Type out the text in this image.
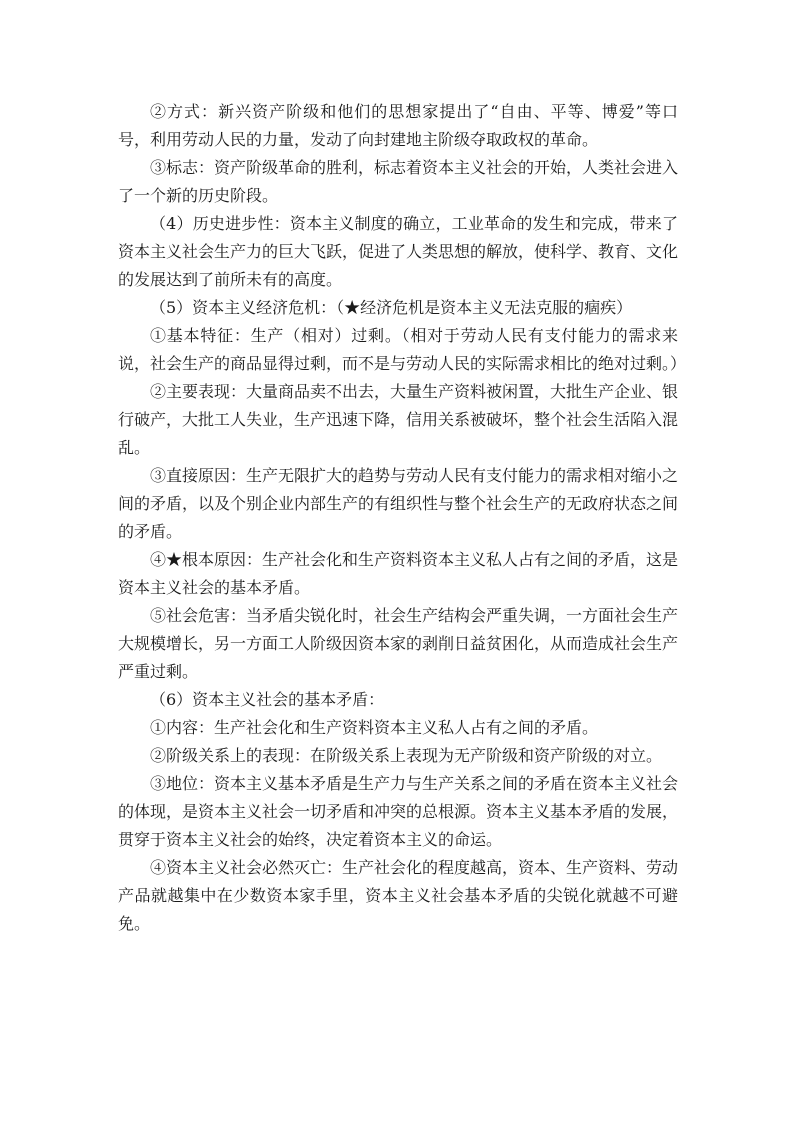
②方式：新兴资产阶级和他们的思想家提出了“自由、平等、博爱”等口号，利用劳动人民的力量，发动了向封建地主阶级夺取政权的革命。

③标志：资产阶级革命的胜利，标志着资本主义社会的开始，人类社会进入了一个新的历史阶段。

（4）历史进步性：资本主义制度的确立，工业革命的发生和完成，带来了资本主义社会生产力的巨大飞跃，促进了人类思想的解放，使科学、教育、文化的发展达到了前所未有的高度。

（5）资本主义经济危机：（★经济危机是资本主义无法克服的痼疾）

①基本特征：生产（相对）过剩。（相对于劳动人民有支付能力的需求来说，社会生产的商品显得过剩，而不是与劳动人民的实际需求相比的绝对过剩。）

②主要表现：大量商品卖不出去，大量生产资料被闲置，大批生产企业、银行破产，大批工人失业，生产迅速下降，信用关系被破坏，整个社会生活陷入混乱。

③直接原因：生产无限扩大的趋势与劳动人民有支付能力的需求相对缩小之间的矛盾，以及个别企业内部生产的有组织性与整个社会生产的无政府状态之间的矛盾。

④★根本原因：生产社会化和生产资料资本主义私人占有之间的矛盾，这是资本主义社会的基本矛盾。

⑤社会危害：当矛盾尖锐化时，社会生产结构会严重失调，一方面社会生产大规模增长，另一方面工人阶级因资本家的剥削日益贫困化，从而造成社会生产严重过剩。

（6）资本主义社会的基本矛盾：

①内容：生产社会化和生产资料资本主义私人占有之间的矛盾。

②阶级关系上的表现：在阶级关系上表现为无产阶级和资产阶级的对立。

③地位：资本主义基本矛盾是生产力与生产关系之间的矛盾在资本主义社会的体现，是资本主义社会一切矛盾和冲突的总根源。资本主义基本矛盾的发展，贯穿于资本主义社会的始终，决定着资本主义的命运。

④资本主义社会必然灭亡：生产社会化的程度越高，资本、生产资料、劳动产品就越集中在少数资本家手里，资本主义社会基本矛盾的尖锐化就越不可避免。
